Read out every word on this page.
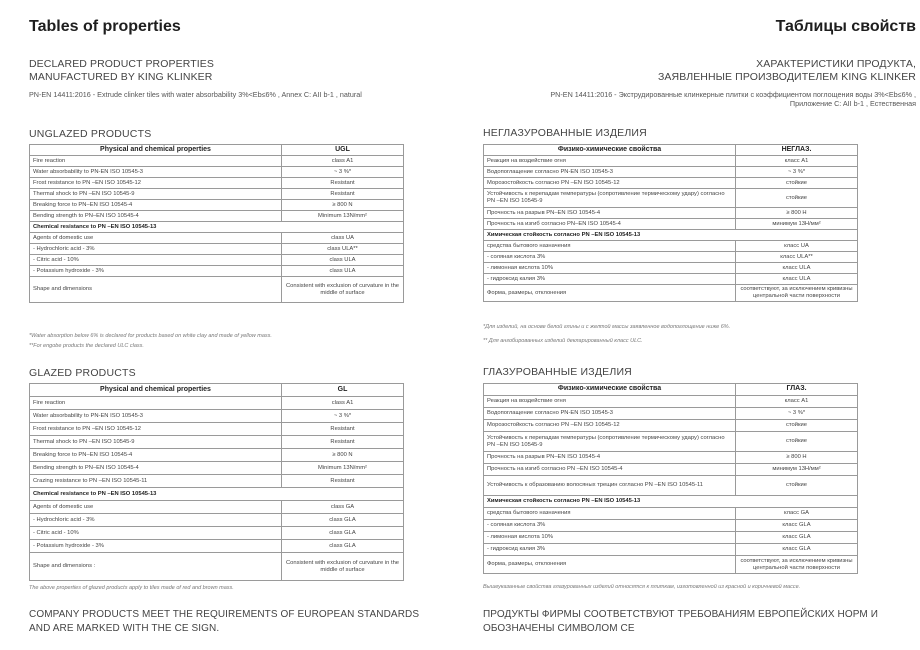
Tables of properties
DECLARED PRODUCT PROPERTIES
MANUFACTURED BY KING KLINKER
PN-EN 14411:2016 - Extrude clinker tiles with water absorbability 3%<Eb≤6% , Annex C: AII b-1 , natural
UNGLAZED PRODUCTS
Physical and chemical properties	UGL
Fire reaction	class A1
Water absorbability to PN-EN ISO 10545-3	~ 3 %*
Frost resistance to PN –EN ISO 10545-12	Resistant
Thermal shock to PN –EN ISO 10545-9	Resistant
Breaking force to PN–EN ISO 10545-4	≥ 800 N
Bending strength to PN–EN ISO 10545-4	Minimum 13N/mm²
Chemical resistance to PN –EN ISO 10545-13	
Agents of domestic use	class UA
- Hydrochloric acid - 3%	class ULA**
- Citric acid - 10%	class ULA
- Potassium hydroxide - 3%	class ULA
Shape and dimensions	Consistent with exclusion of curvature in the middle of surface
*Water absorption below 6% is declared for products based on white clay and made of yellow mass.
**For engobe products the declared ULC class.
GLAZED PRODUCTS
Physical and chemical properties	GL
Fire reaction	class A1
Water absorbability to PN-EN ISO 10545-3	~ 3 %*
Frost resistance to PN –EN ISO 10545-12	Resistant
Thermal shock to PN –EN ISO 10545-9	Resistant
Breaking force to PN–EN ISO 10545-4	≥ 800 N
Bending strength to PN–EN ISO 10545-4	Minimum 13N/mm²
Crazing resistance to PN –EN ISO 10545-11	Resistant
Chemical resistance to PN –EN ISO 10545-13	
Agents of domestic use	class GA
- Hydrochloric acid - 3%	class GLA
- Citric acid - 10%	class GLA
- Potassium hydroxide - 3%	class GLA
Shape and dimensions :	Consistent with exclusion of curvature in the middle of surface
The above properties of glazed products apply to tiles made of red and brown mass.
COMPANY PRODUCTS MEET THE REQUIREMENTS OF EUROPEAN STANDARDS AND ARE MARKED WITH THE CE SIGN.
Таблицы свойств
ХАРАКТЕРИСТИКИ ПРОДУКТА,
ЗАЯВЛЕННЫЕ ПРОИЗВОДИТЕЛЕМ KING KLINKER
PN-EN 14411:2016 - Экструдированные клинкерные плитки с коэффициентом поглощения воды 3%<Eb≤6% ,
Приложение C: AII b-1 , Естественная
НЕГЛАЗУРОВАННЫЕ ИЗДЕЛИЯ
Физико-химические свойства	НЕГЛАЗ.
Реакция на воздействие огня	класс A1
Водопоглащение согласно PN-EN ISO 10545-3	~ 3 %*
Морозостойкость согласно PN –EN ISO 10545-12	стойкие
Устойчивость к перепадам температуры (сопротивление термическому удару) согласно PN –EN ISO 10545-9	стойкие
Прочность на разрыв PN–EN ISO 10545-4	≥ 800 Н
Прочность на изгиб согласно PN–EN ISO 10545-4	минимум 13Н/мм²
Химическая стойкость согласно PN –EN ISO 10545-13	
средства бытового назначения	класс UA
- соляная кислота 3%	класс ULA**
- лимонная кислота 10%	класс ULA
- гидроксид калия 3%	класс ULA
Форма, размеры, отклонения	соответствуют, за исключением кривизны центральной части поверхности
*Для изделий, на основе белой глины и с желтой массы заявленное водопоглощение ниже 6%.
** Для ангобированных изделий декларированный класс ULC.
ГЛАЗУРОВАННЫЕ ИЗДЕЛИЯ
Физико-химические свойства	ГЛАЗ.
Реакция на воздействие огня	класс A1
Водопоглащение согласно PN-EN ISO 10545-3	~ 3 %*
Морозостойкость согласно PN –EN ISO 10545-12	стойкие
Устойчивость к перепадам температуры (сопротивление термическому удару) согласно PN –EN ISO 10545-9	стойкие
Прочность на разрыв PN–EN ISO 10545-4	≥ 800 Н
Прочность на изгиб согласно PN –EN ISO 10545-4	минимум 13Н/мм²
Устойчивость к образованию волосяных трещин согласно PN –EN ISO 10545-11	стойкие
Химическая стойкость согласно PN –EN ISO 10545-13	
средства бытового назначения	класс GA
- соляная кислота 3%	класс GLA
- лимонная кислота 10%	класс GLA
- гидроксид калия 3%	класс GLA
Форма, размеры, отклонения	соответствуют, за исключением кривизны центральной части поверхности
Вышеуказанные свойства глазурованных изделий относятся к плиткам, изготовленной из красной и коричневой массе.
ПРОДУКТЫ ФИРМЫ СООТВЕТСТВУЮТ ТРЕБОВАНИЯМ ЕВРОПЕЙСКИХ НОРМ И ОБОЗНАЧЕНЫ СИМВОЛОМ CE
